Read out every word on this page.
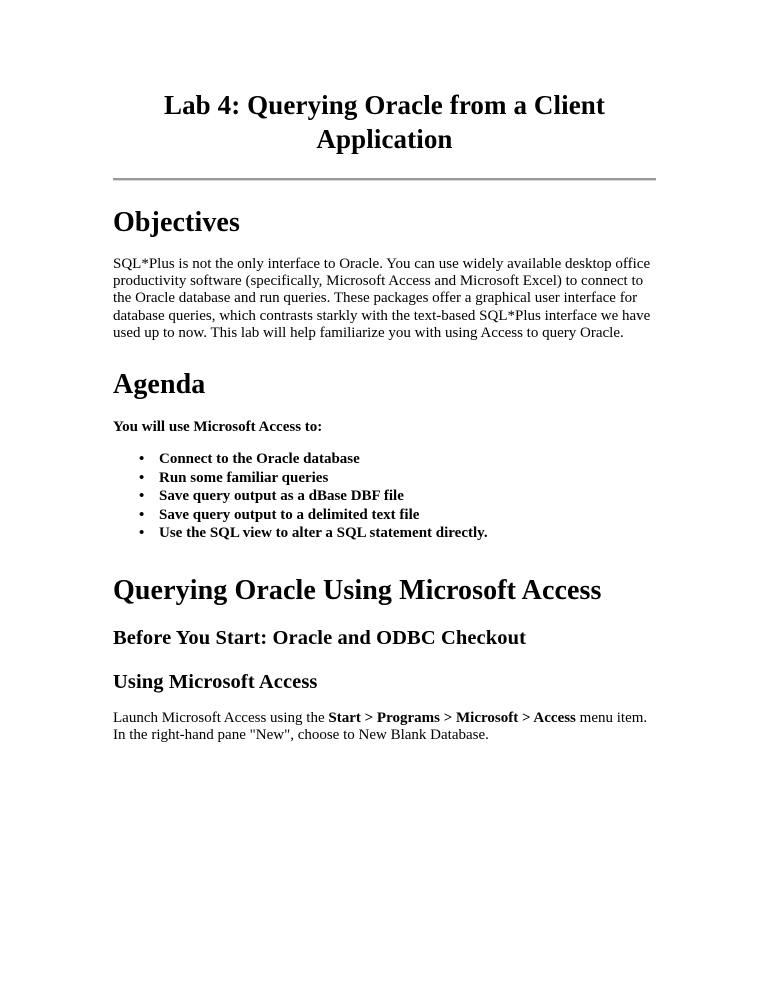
Lab 4: Querying Oracle from a Client Application
Objectives

SQL*Plus is not the only interface to Oracle. You can use widely available desktop office productivity software (specifically, Microsoft Access and Microsoft Excel) to connect to the Oracle database and run queries. These packages offer a graphical user interface for database queries, which contrasts starkly with the text-based SQL*Plus interface we have used up to now. This lab will help familiarize you with using Access to query Oracle.

Agenda

You will use Microsoft Access to:

• Connect to the Oracle database
• Run some familiar queries
• Save query output as a dBase DBF file
• Save query output to a delimited text file
• Use the SQL view to alter a SQL statement directly.
Querying Oracle Using Microsoft Access
Before You Start: Oracle and ODBC Checkout
Using Microsoft Access

Launch Microsoft Access using the Start > Programs > Microsoft > Access menu item. In the right-hand pane "New", choose to New Blank Database.
